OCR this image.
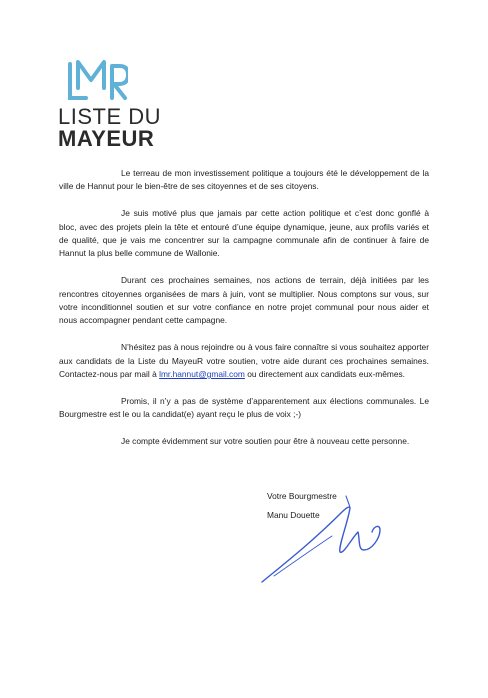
LISTE DU
MAYEUR

Le terreau de mon investissement politique a toujours été le développement de la ville de Hannut pour le bien-être de ses citoyennes et de ses citoyens.

Je suis motivé plus que jamais par cette action politique et c’est donc gonflé à bloc, avec des projets plein la tête et entouré d’une équipe dynamique, jeune, aux profils variés et de qualité, que je vais me concentrer sur la campagne communale afin de continuer à faire de Hannut la plus belle commune de Wallonie.

Durant ces prochaines semaines, nos actions de terrain, déjà initiées par les rencontres citoyennes organisées de mars à juin, vont se multiplier. Nous comptons sur vous, sur votre inconditionnel soutien et sur votre confiance en notre projet communal pour nous aider et nous accompagner pendant cette campagne.

N’hésitez pas à nous rejoindre ou à vous faire connaître si vous souhaitez apporter aux candidats de la Liste du MayeuR votre soutien, votre aide durant ces prochaines semaines. Contactez-nous par mail à lmr.hannut@gmail.com ou directement aux candidats eux-mêmes.

Promis, il n’y a pas de système d’apparentement aux élections communales. Le Bourgmestre est le ou la candidat(e) ayant reçu le plus de voix ;-)

Je compte évidemment sur votre soutien pour être à nouveau cette personne.

Votre Bourgmestre
Manu Douette
